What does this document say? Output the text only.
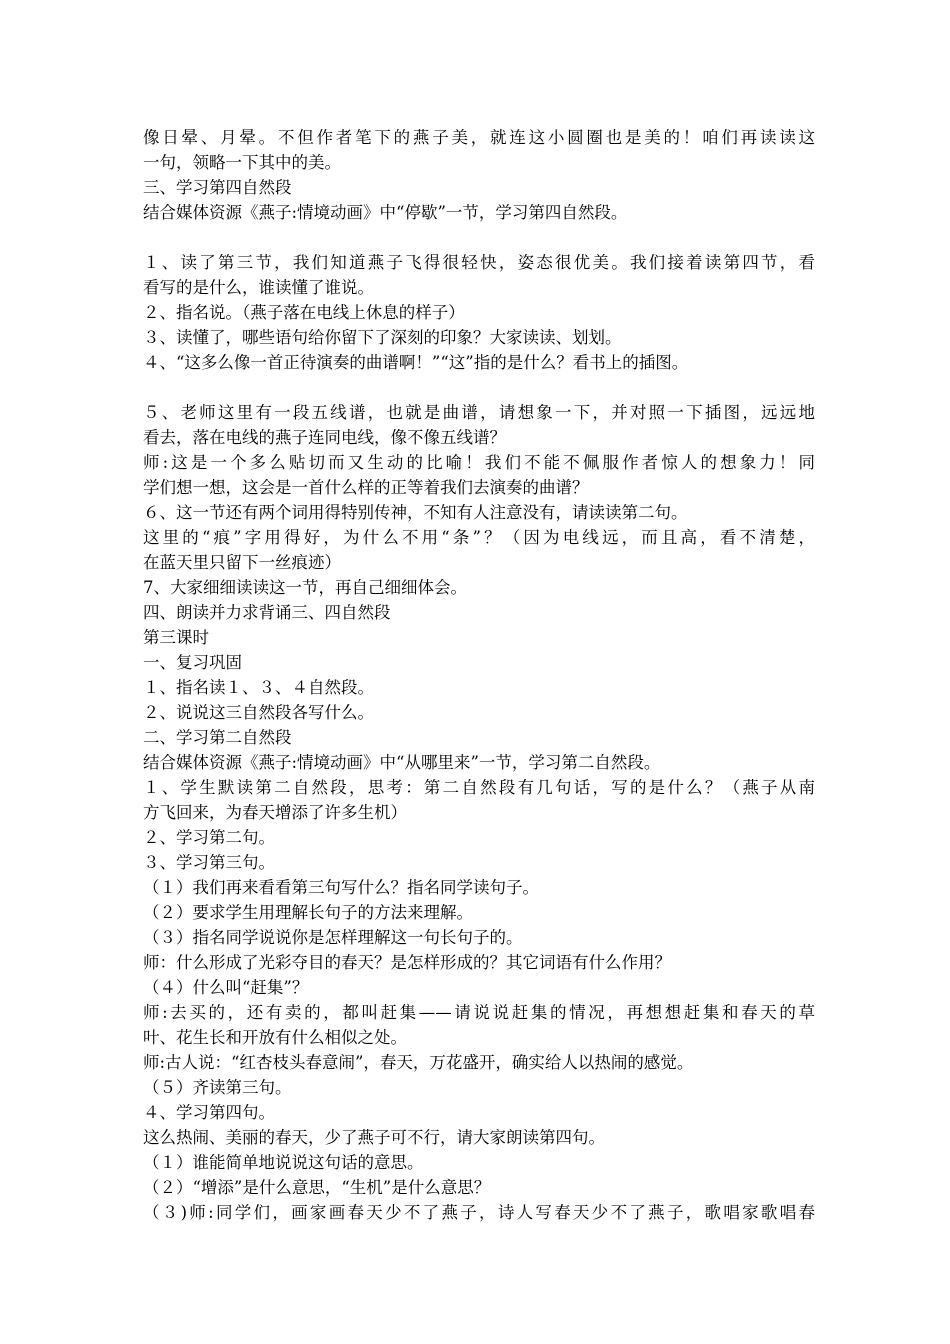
像日晕、月晕。不但作者笔下的燕子美，就连这小圆圈也是美的！咱们再读读这
一句，领略一下其中的美。
三、学习第四自然段
结合媒体资源《燕子:情境动画》中“停歇”一节，学习第四自然段。
１、读了第三节，我们知道燕子飞得很轻快，姿态很优美。我们接着读第四节，看
看写的是什么，谁读懂了谁说。
２、指名说。（燕子落在电线上休息的样子）
３、读懂了，哪些语句给你留下了深刻的印象？大家读读、划划。
４、“这多么像一首正待演奏的曲谱啊！”“这”指的是什么？看书上的插图。
５、老师这里有一段五线谱，也就是曲谱，请想象一下，并对照一下插图，远远地
看去，落在电线的燕子连同电线，像不像五线谱？
师:这是一个多么贴切而又生动的比喻！我们不能不佩服作者惊人的想象力！同
学们想一想，这会是一首什么样的正等着我们去演奏的曲谱？
６、这一节还有两个词用得特别传神，不知有人注意没有，请读读第二句。
这里的“痕”字用得好，为什么不用“条”？（因为电线远，而且高，看不清楚，
在蓝天里只留下一丝痕迹）
7、大家细细读读这一节，再自己细细体会。
四、朗读并力求背诵三、四自然段
第三课时
一、复习巩固
１、指名读１、３、４自然段。
２、说说这三自然段各写什么。
二、学习第二自然段
结合媒体资源《燕子:情境动画》中“从哪里来”一节，学习第二自然段。
１、学生默读第二自然段，思考：第二自然段有几句话，写的是什么？（燕子从南
方飞回来，为春天增添了许多生机）
２、学习第二句。
３、学习第三句。
（１）我们再来看看第三句写什么？指名同学读句子。
（２）要求学生用理解长句子的方法来理解。
（３）指名同学说说你是怎样理解这一句长句子的。
师：什么形成了光彩夺目的春天？是怎样形成的？其它词语有什么作用？
（４）什么叫“赶集”？
师:去买的，还有卖的，都叫赶集——请说说赶集的情况，再想想赶集和春天的草
叶、花生长和开放有什么相似之处。
师:古人说：“红杏枝头春意闹”，春天，万花盛开，确实给人以热闹的感觉。
（５）齐读第三句。
４、学习第四句。
这么热闹、美丽的春天，少了燕子可不行，请大家朗读第四句。
（１）谁能简单地说说这句话的意思。
（２）“增添”是什么意思，“生机”是什么意思？
（３)师:同学们，画家画春天少不了燕子，诗人写春天少不了燕子，歌唱家歌唱春
